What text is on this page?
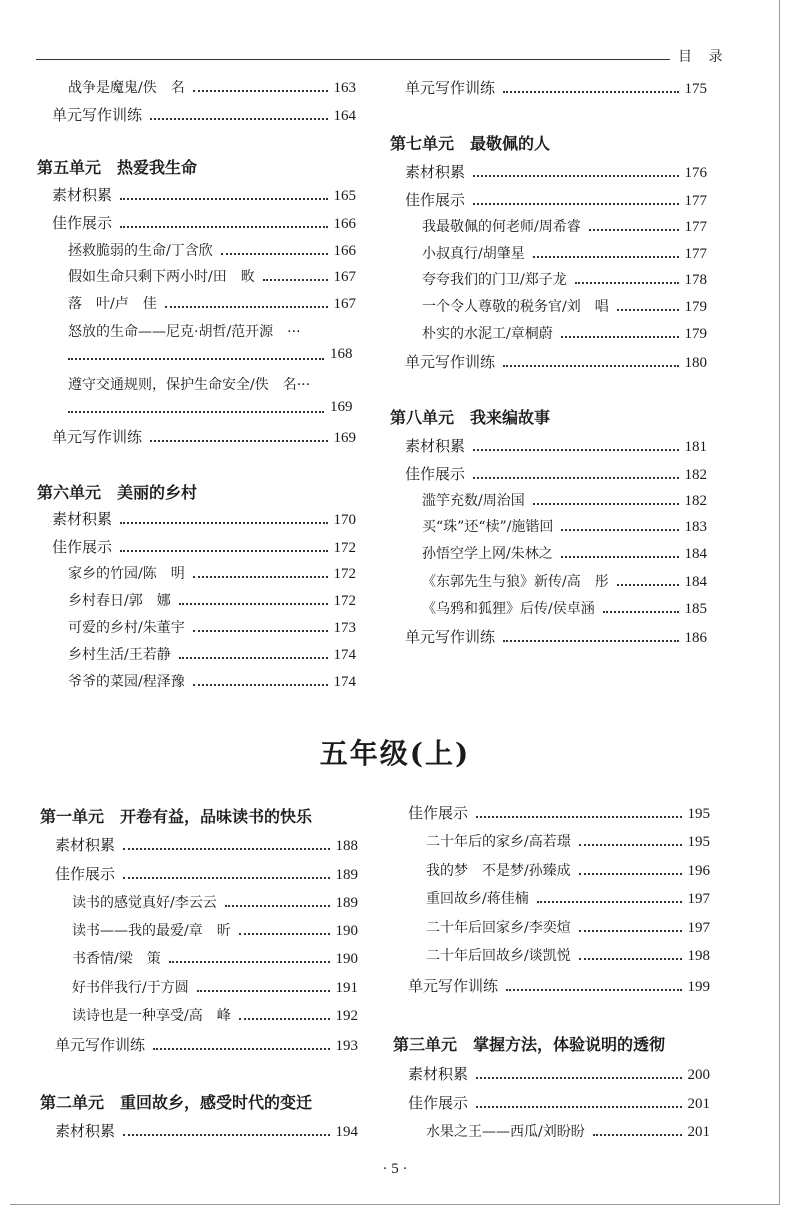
目 录
战争是魔鬼/佚　名	163
单元写作训练	164
第五单元　热爱我生命
素材积累	165
佳作展示	166
拯救脆弱的生命/丁含欣	166
假如生命只剩下两小时/田　畋	167
落　叶/卢　佳	167
怒放的生命——尼克·胡哲/范开源　···
168
遵守交通规则，保护生命安全/佚　名···
169
单元写作训练	169
第六单元　美丽的乡村
素材积累	170
佳作展示	172
家乡的竹园/陈　明	172
乡村春日/郭　娜	172
可爱的乡村/朱董宇	173
乡村生活/王若静	174
爷爷的菜园/程泽豫	174
单元写作训练	175
第七单元　最敬佩的人
素材积累	176
佳作展示	177
我最敬佩的何老师/周希睿	177
小叔真行/胡肇星	177
夸夸我们的门卫/郑子龙	178
一个令人尊敬的税务官/刘　唱	179
朴实的水泥工/章桐蔚	179
单元写作训练	180
第八单元　我来编故事
素材积累	181
佳作展示	182
滥竽充数/周治国	182
买“珠”还“椟”/施锴回	183
孙悟空学上网/朱林之	184
《东郭先生与狼》新传/高　彤	184
《乌鸦和狐狸》后传/侯卓涵	185
单元写作训练	186
五年级(上)
第一单元　开卷有益，品味读书的快乐
素材积累	188
佳作展示	189
读书的感觉真好/李云云	189
读书——我的最爱/章　昕	190
书香情/梁　策	190
好书伴我行/于方圆	191
读诗也是一种享受/高　峰	192
单元写作训练	193
第二单元　重回故乡，感受时代的变迁
素材积累	194
佳作展示	195
二十年后的家乡/高若璟	195
我的梦　不是梦/孙臻成	196
重回故乡/蒋佳楠	197
二十年后回家乡/李奕煊	197
二十年后回故乡/谈凯悦	198
单元写作训练	199
第三单元　掌握方法，体验说明的透彻
素材积累	200
佳作展示	201
水果之王——西瓜/刘盼盼	201
· 5 ·
